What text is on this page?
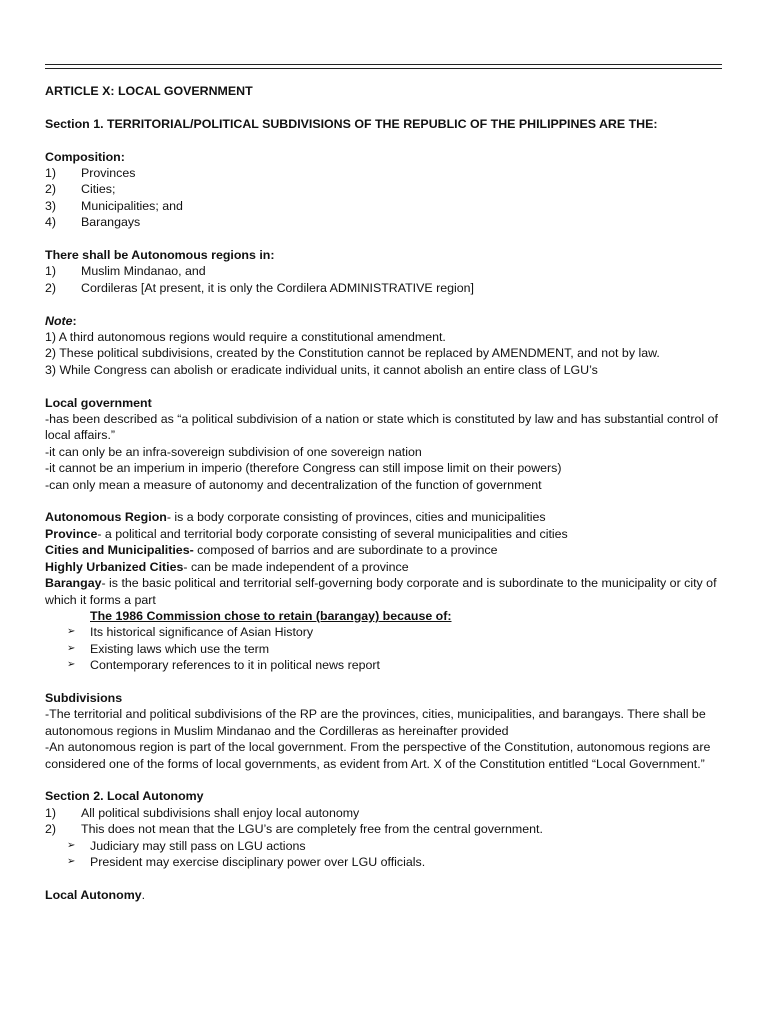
ARTICLE X: LOCAL GOVERNMENT

Section 1. TERRITORIAL/POLITICAL SUBDIVISIONS OF THE REPUBLIC OF THE PHILIPPINES ARE THE:

Composition:

1)	Provinces
2)	Cities;
3)	Municipalities; and
4)	Barangays

There shall be Autonomous regions in:

1)	Muslim Mindanao, and
2)	Cordileras [At present, it is only the Cordilera ADMINISTRATIVE region]

Note:

1) A third autonomous regions would require a constitutional amendment.

2) These political subdivisions, created by the Constitution cannot be replaced by AMENDMENT, and not by law.

3) While Congress can abolish or eradicate individual units, it cannot abolish an entire class of LGU’s

Local government

-has been described as “a political subdivision of a nation or state which is constituted by law and has substantial control of local affairs.”

-it can only be an infra-sovereign subdivision of one sovereign nation

-it cannot be an imperium in imperio (therefore Congress can still impose limit on their powers)

-can only mean a measure of autonomy and decentralization of the function of government

Autonomous Region- is a body corporate consisting of provinces, cities and municipalities

Province- a political and territorial body corporate consisting of several municipalities and cities

Cities and Municipalities- composed of barrios and are subordinate to a province

Highly Urbanized Cities- can be made independent of a province

Barangay- is the basic political and territorial self-governing body corporate and is subordinate to the municipality or city of which it forms a part

The 1986 Commission chose to retain (barangay) because of:

➢	Its historical significance of Asian History
➢	Existing laws which use the term
➢	Contemporary references to it in political news report

Subdivisions

-The territorial and political subdivisions of the RP are the provinces, cities, municipalities, and barangays. There shall be autonomous regions in Muslim Mindanao and the Cordilleras as hereinafter provided

-An autonomous region is part of the local government. From the perspective of the Constitution, autonomous regions are considered one of the forms of local governments, as evident from Art. X of the Constitution entitled “Local Government.”

Section 2. Local Autonomy

1)	All political subdivisions shall enjoy local autonomy
2)	This does not mean that the LGU’s are completely free from the central government.
➢	Judiciary may still pass on LGU actions
➢	President may exercise disciplinary power over LGU officials.

Local Autonomy.
